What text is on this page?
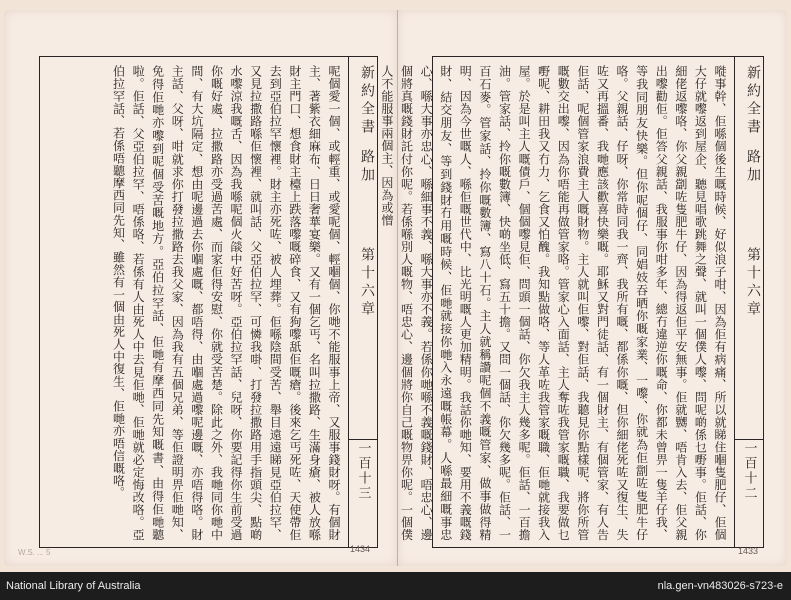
新約全書
路加
第十六章
一百十三
呢個愛一個、或輕重、或愛呢個、輕嗰個、你哋不能服事上帝、又服事錢財呀。有個財主、著紫衣細麻布、日日奢華宴樂。又有一個乞丐、名叫拉撒路、生滿身瘡、被人放喺財主門口、想食財主檯上跌落嚟嘅碎食、又有狗嚟舐佢嘅瘡。後來乞丐死咗、天使帶佢去到亞伯拉罕懷裡。財主亦死咗、被人埋葬。佢喺陰間受苦、舉目遠遠睇見亞伯拉罕、又見拉撒路喺佢懷裡、就叫話、父亞伯拉罕、可憐我啩、打發拉撒路用手指頭尖、點啲水嚟涼我嘅舌、因為我喺呢個火燄中好苦呀。亞伯拉罕話、兒呀、你要記得你生前受過你嘅好處、拉撒路亦受過苦處、而家佢得安慰、你就受苦楚。除此之外、我哋同你哋中間、有大坑隔定、想由呢邊過去你嗰處嘅、都唔得、由嗰處過嚟呢邊嘅、亦唔得咯。財主話、父呀、咁就求你打發拉撒路去我父家、因為我有五個兄弟、等佢證明畀佢哋知、免得佢哋亦嚟到呢個受苦嘅地方。亞伯拉罕話、佢哋有摩西同先知嘅書、由得佢哋聽啦。佢話、父亞伯拉罕、唔係咯、若係有人由死人中去見佢哋、佢哋就必定悔改咯。亞伯拉罕話、若係唔聽摩西同先知、雖然有一個由死人中復生、佢哋亦唔信嘅咯。	新約全書
路加
第十六章
一百十二
嘥事幹、佢喺個後生嘅時候、好似浪子咁、因為佢有病痛、所以就睇住嗰隻肥仔、佢個大仔就嚟返到屋企、聽見唱歌跳舞之聲、就叫一個僕人嚟、問呢啲係乜嘢事。佢話、你細佬返嚟咯、你父親劏咗隻肥牛仔、因為得返佢平安無事。佢就嬲、唔肯入去、佢父親出嚟勸佢。佢答父親話、我服事你咁多年、總冇違逆你嘅命、你都未曾畀一隻羊仔我、等我同朋友快樂。但你呢個仔、同娼妓吞晒你嘅家業、一嚟、你就為佢劏咗隻肥牛仔咯。父親話、仔呀、你常時同我一齊、我所有嘅、都係你嘅、但你細佬死咗又復生、失咗又再搵番、我哋應該歡喜快樂嘅。耶穌又對門徒話、有一個財主、有個管家、有人告佢話、呢個管家浪費主人嘅財物。主人就叫佢嚟、對佢話、我聽見你點樣呢、將你所管嘅數交出嚟、因為你唔能再做管家咯。管家心入面話、主人奪咗我管家嘅職、我要做乜嘢呢、耕田我又冇力、乞食又怕醜。我知點做咯、等人革咗我管家嘅職、佢哋就接我入屋。於是叫主人嘅債戶、個個嚟見佢、問頭一個話、你欠我主人幾多呢。佢話、一百擔油。管家話、拎你嘅數簿、快啲坐低、寫五十擔。又問一個話、你欠幾多呢。佢話、一百石麥。管家話、拎你嘅數簿、寫八十石。主人就稱讚呢個不義嘅管家、做事做得精明、因為今世嘅人、喺佢嘅世代中、比光明嘅人更加精明。我話你哋知、要用不義嘅錢財、結交朋友、等到錢財冇用嘅時候、佢哋就接你哋入永遠嘅帳幕。人喺最細嘅事忠心、喺大事亦忠心、喺細事不義、喺大事亦不義。若係你哋喺不義嘅錢財、唔忠心、邊個將真嘅錢財託付你呢。若係喺別人嘅物、唔忠心、邊個將你自己嘅物畀你呢。一個僕人不能服事兩個主、因為或憎
W.S. ... 5	1434	1433
National Library of Australia	nla.gen-vn483026-s723-e
